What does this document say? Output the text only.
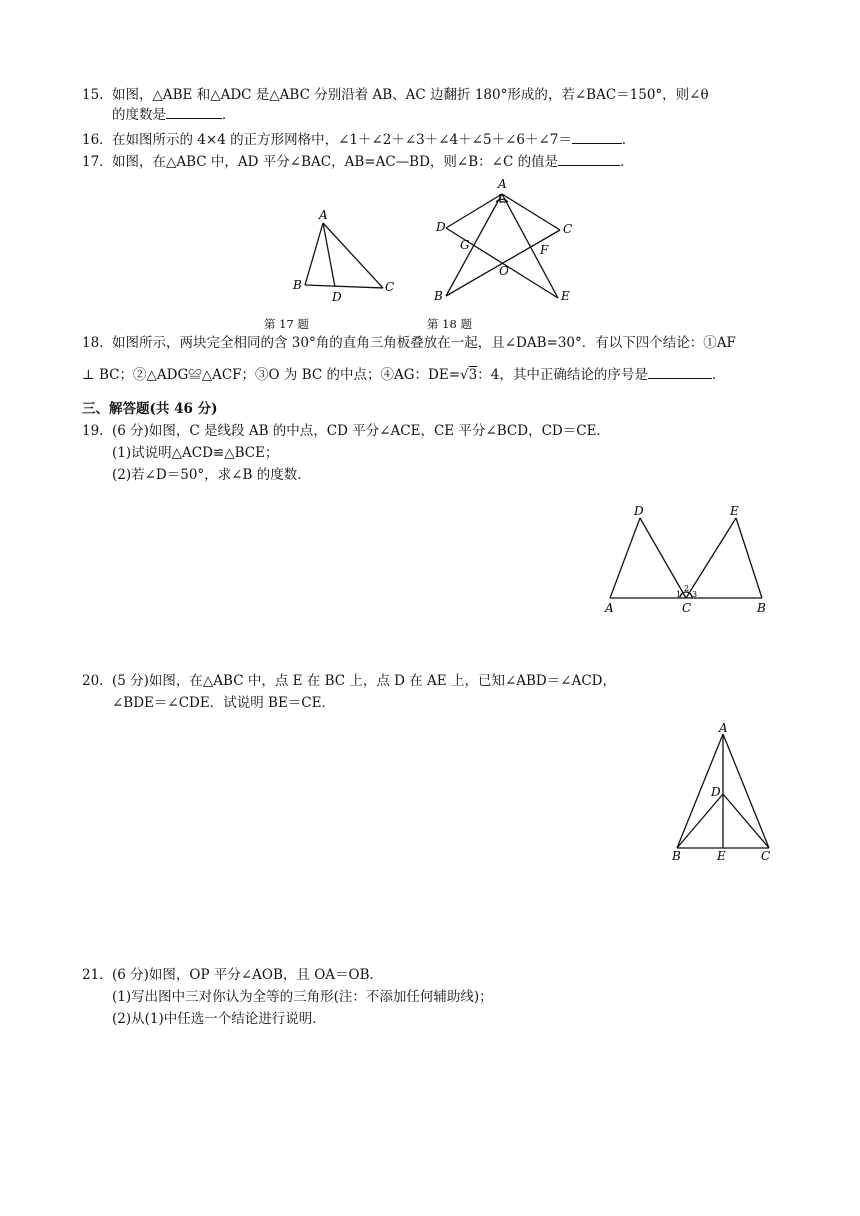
15．如图，△ABE 和△ADC 是△ABC 分别沿着 AB、AC 边翻折 180°形成的，若∠BAC＝150°，则∠θ
的度数是	．
16．在如图所示的 4×4 的正方形网格中，∠1＋∠2＋∠3＋∠4＋∠5＋∠6＋∠7＝	．
17．如图，在△ABC 中，AD 平分∠BAC，AB=AC—BD，则∠B：∠C 的值是	．
A
B	C
D
第 17 题
A
D	C
G	F
O
B	E
第 18 题
18. 如图所示，两块完全相同的含 30°角的直角三角板叠放在一起，且∠DAB=30°．有以下四个结论：①AF
⊥ BC；②△ADG≌△ACF；③O 为 BC 的中点；④AG：DE=√3：4，其中正确结论的序号是	．
三、解答题(共 46 分)
19．(6 分)如图，C 是线段 AB 的中点，CD 平分∠ACE，CE 平分∠BCD，CD＝CE．
(1)试说明△ACD≌△BCE；
(2)若∠D＝50°，求∠B 的度数．
D	E
A	C	B
1
2
3
20．(5 分)如图，在△ABC 中，点 E 在 BC 上，点 D 在 AE 上，已知∠ABD＝∠ACD，
∠BDE＝∠CDE．试说明 BE＝CE．
A
D
B	E	C
21．(6 分)如图，OP 平分∠AOB，且 OA＝OB．
(1)写出图中三对你认为全等的三角形(注：不添加任何辅助线)；
(2)从(1)中任选一个结论进行说明．
